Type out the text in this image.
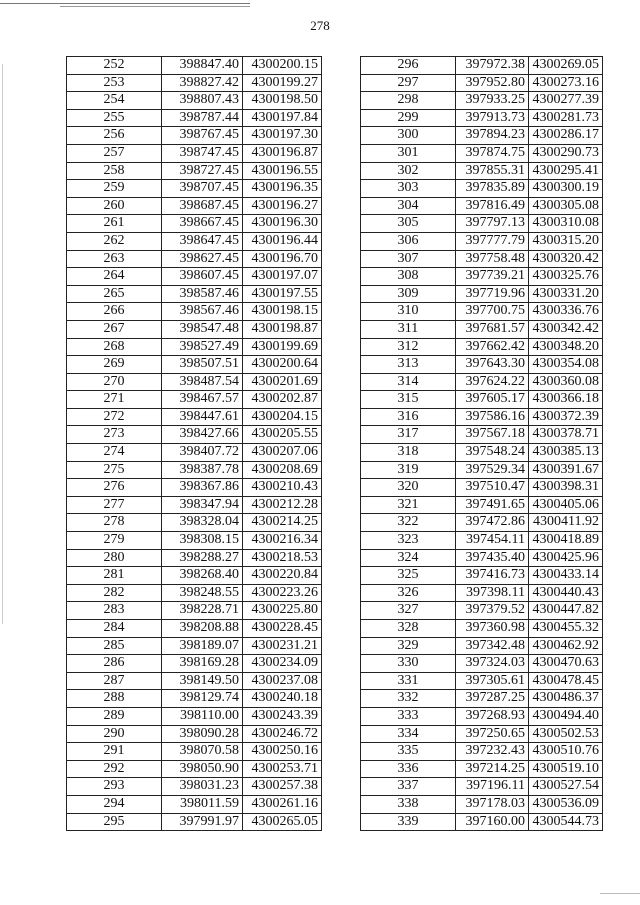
278
252	398847.40	4300200.15
253	398827.42	4300199.27
254	398807.43	4300198.50
255	398787.44	4300197.84
256	398767.45	4300197.30
257	398747.45	4300196.87
258	398727.45	4300196.55
259	398707.45	4300196.35
260	398687.45	4300196.27
261	398667.45	4300196.30
262	398647.45	4300196.44
263	398627.45	4300196.70
264	398607.45	4300197.07
265	398587.46	4300197.55
266	398567.46	4300198.15
267	398547.48	4300198.87
268	398527.49	4300199.69
269	398507.51	4300200.64
270	398487.54	4300201.69
271	398467.57	4300202.87
272	398447.61	4300204.15
273	398427.66	4300205.55
274	398407.72	4300207.06
275	398387.78	4300208.69
276	398367.86	4300210.43
277	398347.94	4300212.28
278	398328.04	4300214.25
279	398308.15	4300216.34
280	398288.27	4300218.53
281	398268.40	4300220.84
282	398248.55	4300223.26
283	398228.71	4300225.80
284	398208.88	4300228.45
285	398189.07	4300231.21
286	398169.28	4300234.09
287	398149.50	4300237.08
288	398129.74	4300240.18
289	398110.00	4300243.39
290	398090.28	4300246.72
291	398070.58	4300250.16
292	398050.90	4300253.71
293	398031.23	4300257.38
294	398011.59	4300261.16
295	397991.97	4300265.05
296	397972.38	4300269.05
297	397952.80	4300273.16
298	397933.25	4300277.39
299	397913.73	4300281.73
300	397894.23	4300286.17
301	397874.75	4300290.73
302	397855.31	4300295.41
303	397835.89	4300300.19
304	397816.49	4300305.08
305	397797.13	4300310.08
306	397777.79	4300315.20
307	397758.48	4300320.42
308	397739.21	4300325.76
309	397719.96	4300331.20
310	397700.75	4300336.76
311	397681.57	4300342.42
312	397662.42	4300348.20
313	397643.30	4300354.08
314	397624.22	4300360.08
315	397605.17	4300366.18
316	397586.16	4300372.39
317	397567.18	4300378.71
318	397548.24	4300385.13
319	397529.34	4300391.67
320	397510.47	4300398.31
321	397491.65	4300405.06
322	397472.86	4300411.92
323	397454.11	4300418.89
324	397435.40	4300425.96
325	397416.73	4300433.14
326	397398.11	4300440.43
327	397379.52	4300447.82
328	397360.98	4300455.32
329	397342.48	4300462.92
330	397324.03	4300470.63
331	397305.61	4300478.45
332	397287.25	4300486.37
333	397268.93	4300494.40
334	397250.65	4300502.53
335	397232.43	4300510.76
336	397214.25	4300519.10
337	397196.11	4300527.54
338	397178.03	4300536.09
339	397160.00	4300544.73
